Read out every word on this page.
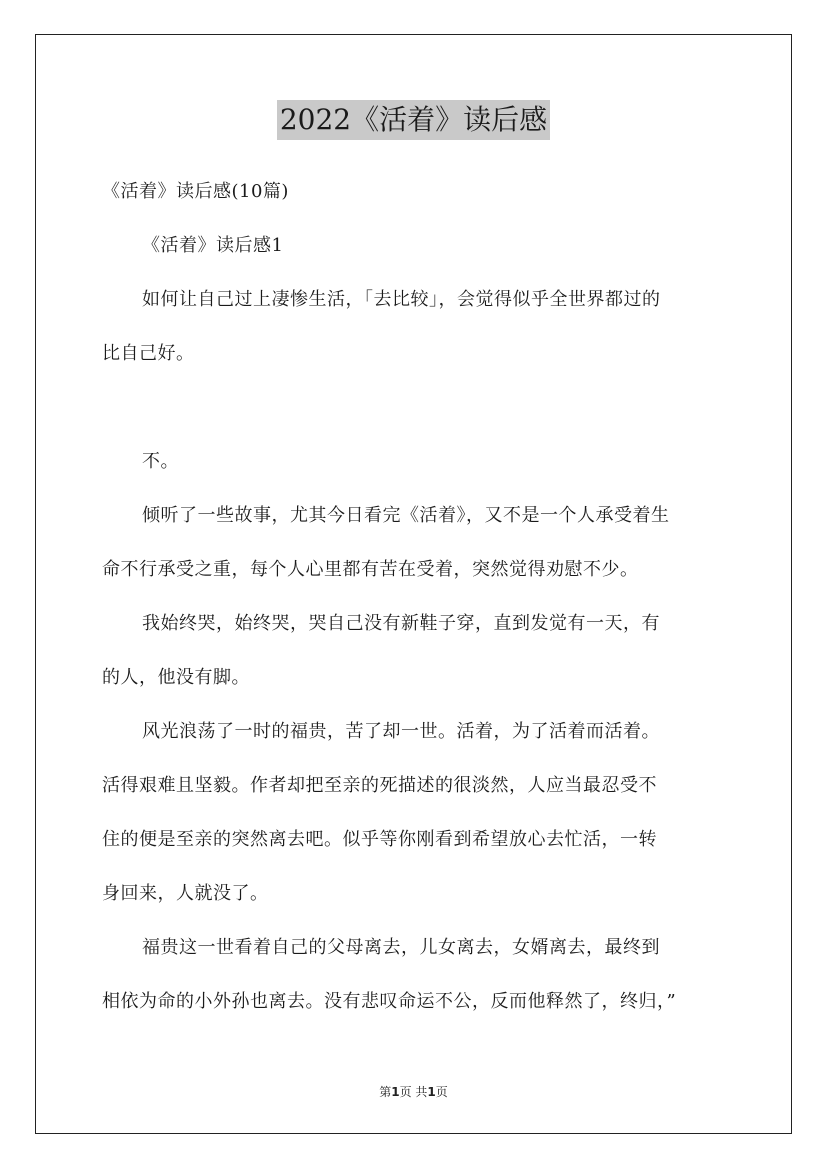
2022《活着》读后感
《活着》读后感(10篇)
《活着》读后感1
如何让自己过上凄惨生活，「去比较」，会觉得似乎全世界都过的
比自己好。
不。
倾听了一些故事，尤其今日看完《活着》，又不是一个人承受着生
命不行承受之重，每个人心里都有苦在受着，突然觉得劝慰不少。
我始终哭，始终哭，哭自己没有新鞋子穿，直到发觉有一天，有
的人，他没有脚。
风光浪荡了一时的福贵，苦了却一世。活着，为了活着而活着。
活得艰难且坚毅。作者却把至亲的死描述的很淡然，人应当最忍受不
住的便是至亲的突然离去吧。似乎等你刚看到希望放心去忙活，一转
身回来，人就没了。
福贵这一世看着自己的父母离去，儿女离去，女婿离去，最终到
相依为命的小外孙也离去。没有悲叹命运不公，反而他释然了，终归，”
第1页 共1页
